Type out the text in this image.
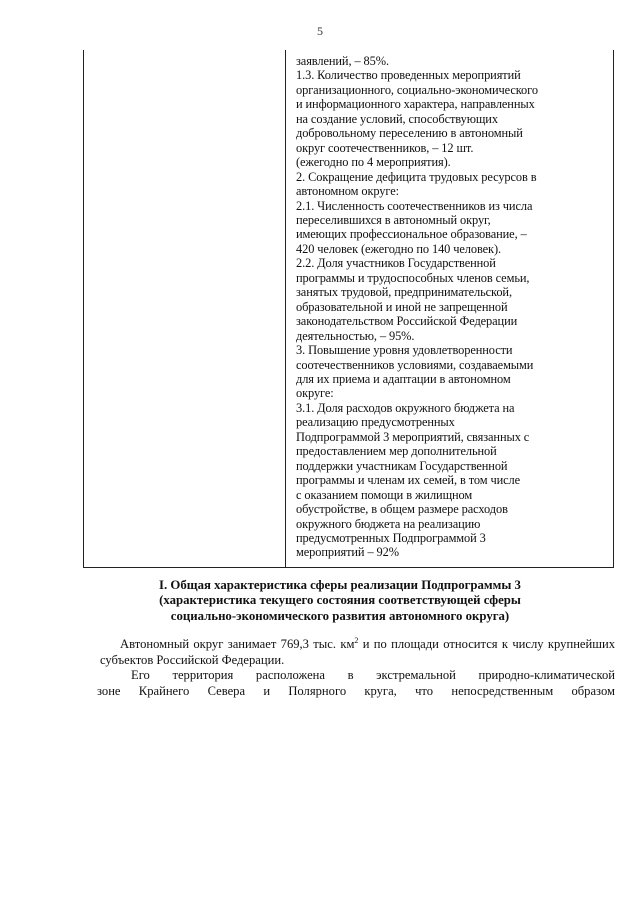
5
заявлений, – 85%.
1.3. Количество проведенных мероприятий
организационного, социально-экономического
и информационного характера, направленных
на создание условий, способствующих
добровольному переселению в автономный
округ соотечественников, – 12 шт.
(ежегодно по 4 мероприятия).
2. Сокращение дефицита трудовых ресурсов в
автономном округе:
2.1. Численность соотечественников из числа
переселившихся в автономный округ,
имеющих профессиональное образование, –
420 человек (ежегодно по 140 человек).
2.2. Доля участников Государственной
программы и трудоспособных членов семьи,
занятых трудовой, предпринимательской,
образовательной и иной не запрещенной
законодательством Российской Федерации
деятельностью, – 95%.
3. Повышение уровня удовлетворенности
соотечественников условиями, создаваемыми
для их приема и адаптации в автономном
округе:
3.1. Доля расходов окружного бюджета на
реализацию предусмотренных
Подпрограммой 3 мероприятий, связанных с
предоставлением мер дополнительной
поддержки участникам Государственной
программы и членам их семей, в том числе
с оказанием помощи в жилищном
обустройстве, в общем размере расходов
окружного бюджета на реализацию
предусмотренных Подпрограммой 3
мероприятий – 92%
I. Общая характеристика сферы реализации Подпрограммы 3
(характеристика текущего состояния соответствующей сферы
социально-экономического развития автономного округа)

Автономный округ занимает 769,3 тыс. $км^2$ и по площади относится к числу крупнейших субъектов Российской Федерации.

Его территория расположена в экстремальной природно-климатической

зоне Крайнего Севера и Полярного круга, что непосредственным образом
